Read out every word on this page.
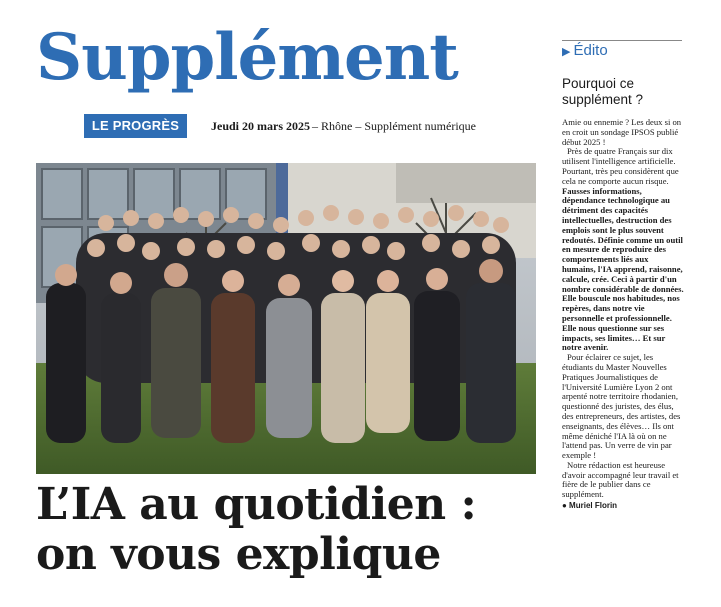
Supplément
LE PROGRÈS	Jeudi 20 mars 2025 – Rhône – Supplément numérique
L’IA au quotidien :
on vous explique
▶ Édito
Pourquoi ce supplément ?

Amie ou ennemie ? Les deux si on en croit un sondage IPSOS publié début 2025 !

Près de quatre Français sur dix utilisent l'intelligence artificielle. Pourtant, très peu considèrent que cela ne comporte aucun risque. Fausses informations, dépendance technologique au détriment des capacités intellectuelles, destruction des emplois sont le plus souvent redoutés. Définie comme un outil en mesure de reproduire des comportements liés aux humains, l'IA apprend, raisonne, calcule, crée. Ceci à partir d'un nombre considérable de données. Elle bouscule nos habitudes, nos repères, dans notre vie personnelle et professionnelle. Elle nous questionne sur ses impacts, ses limites… Et sur notre avenir.

Pour éclairer ce sujet, les étudiants du Master Nouvelles Pratiques Journalistiques de l'Université Lumière Lyon 2 ont arpenté notre territoire rhodanien, questionné des juristes, des élus, des entrepreneurs, des artistes, des enseignants, des élèves… Ils ont même déniché l'IA là où on ne l'attend pas. Un verre de vin par exemple !

Notre rédaction est heureuse d'avoir accompagné leur travail et fière de le publier dans ce supplément.

● Muriel Florin
